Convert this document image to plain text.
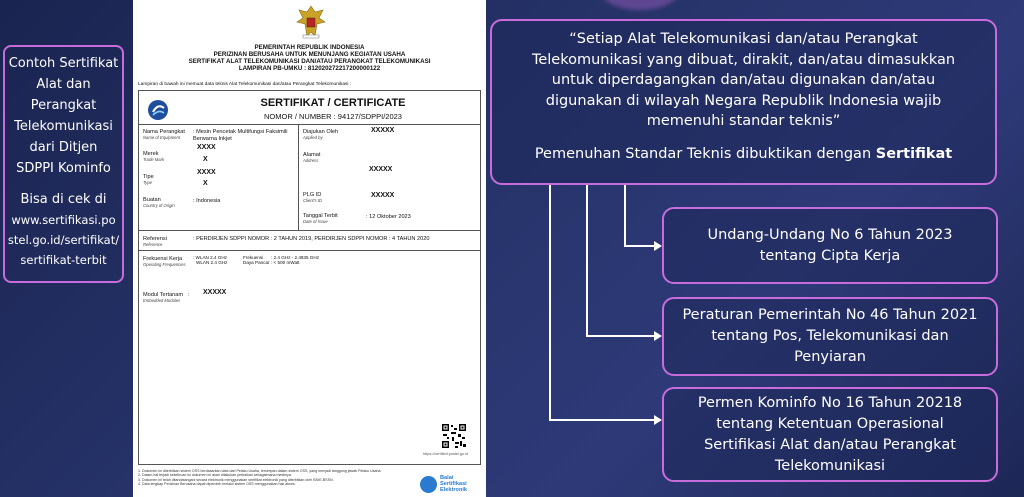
Contoh Sertifikat
Alat dan
Perangkat
Telekomunikasi
dari Ditjen
SDPPI Kominfo
Bisa di cek di
www.sertifikasi.po
stel.go.id/sertifikat/
sertifikat-terbit
PEMERINTAH REPUBLIK INDONESIA
PERIZINAN BERUSAHA UNTUK MENUNJANG KEGIATAN USAHA
SERTIFIKAT ALAT TELEKOMUNIKASI DAN/ATAU PERANGKAT TELEKOMUNIKASI
LAMPIRAN PB-UMKU : 812020272217200000122
Lampiran di bawah ini memuat data teknis Alat Telekomunikasi dan/atau Perangkat Telekomunikasi :
SERTIFIKAT / CERTIFICATE
NOMOR / NUMBER : 94127/SDPPI/2023
Nama Perangkat
Name of Equipment
: Mesin Pencetak Multifungsi Faksimili Berwarna Inkjet
XXXX
Merek
Trade Mark	X
Tipe
Type
XXXX
X
Buatan
Country of Origin
: Indonesia
Diajukan Oleh
Applied by
XXXXX
Alamat
Address
XXXXX
PLG ID
Client's ID
XXXXX
Tanggal Terbit
Date of Issue
: 12 Oktober 2023
Referensi
Reference
: PERDIRJEN SDPPI NOMOR : 2 TAHUN 2019, PERDIRJEN SDPPI NOMOR : 4 TAHUN 2020
Frekuensi Kerja
Operating Frequencies
: WLAN 2.4 GHz
WLAN 2.4 GHz
Frekuensi
Daya Pancar
: 2.4 GHz - 2.4835 GHz
: < 500 mWatt
Modul Tertanam
Embedded Modules
: XXXXX
https://certified.postel.go.id
1. Dokumen ini diterbitkan sistem OSS berdasarkan data dari Pelaku Usaha, tersimpan dalam sistem OSS, yang menjadi tanggung jawab Pelaku Usaha.
2. Dalam hal terjadi kekeliruan isi dokumen ini akan dilakukan perbaikan sebagaimana mestinya.
3. Dokumen ini telah ditandatangani secara elektronik menggunakan sertifikat elektronik yang diterbitkan oleh BSrE-BSSN.
4. Data lengkap Perizinan Berusaha dapat diperoleh melalui sistem OSS menggunakan hak akses.
Balai
Sertifikasi
Elektronik
“Setiap Alat Telekomunikasi dan/atau Perangkat
Telekomunikasi yang dibuat, dirakit, dan/atau dimasukkan
untuk diperdagangkan dan/atau digunakan dan/atau
digunakan di wilayah Negara Republik Indonesia wajib
memenuhi standar teknis”
Pemenuhan Standar Teknis dibuktikan dengan Sertifikat
Undang-Undang No 6 Tahun 2023 tentang Cipta Kerja
Peraturan Pemerintah No 46 Tahun 2021 tentang Pos, Telekomunikasi dan Penyiaran
Permen Kominfo No 16 Tahun 20218 tentang Ketentuan Operasional Sertifikasi Alat dan/atau Perangkat Telekomunikasi
